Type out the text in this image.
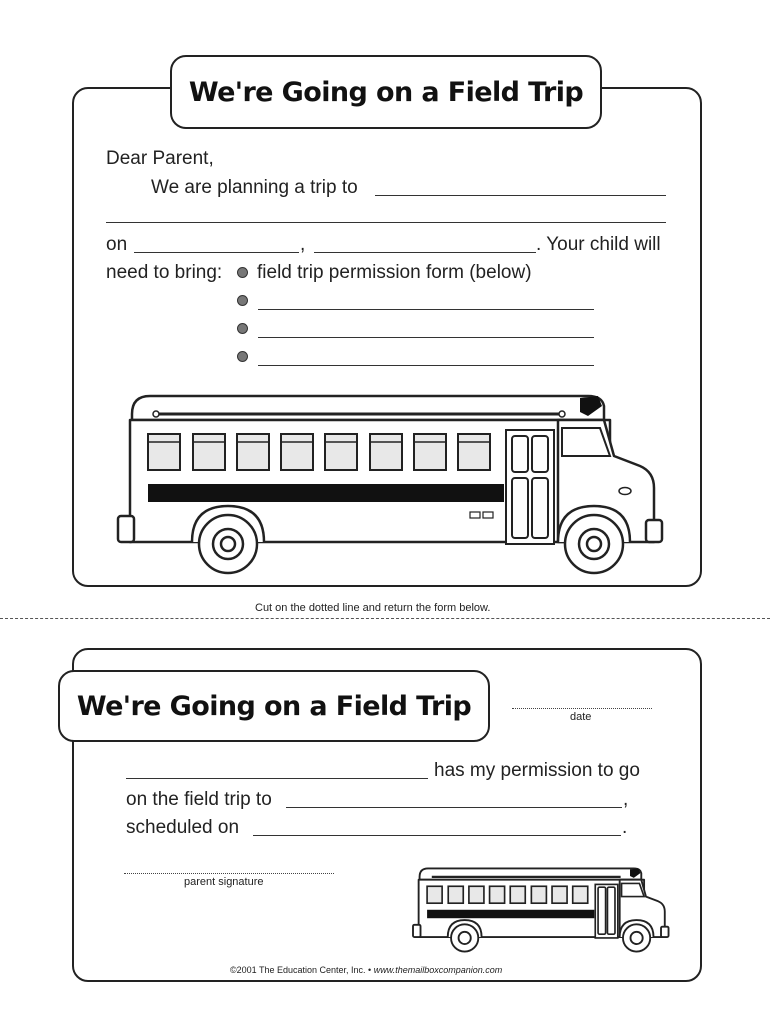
We're Going on a Field Trip
Dear Parent,
We are planning a trip to
on	,	. Your child will
need to bring: field trip permission form (below)
Cut on the dotted line and return the form below.
We're Going on a Field Trip	date
has my permission to go
on the field trip to	,
scheduled on	.
parent signature
©2001 The Education Center, Inc. • www.themailboxcompanion.com
